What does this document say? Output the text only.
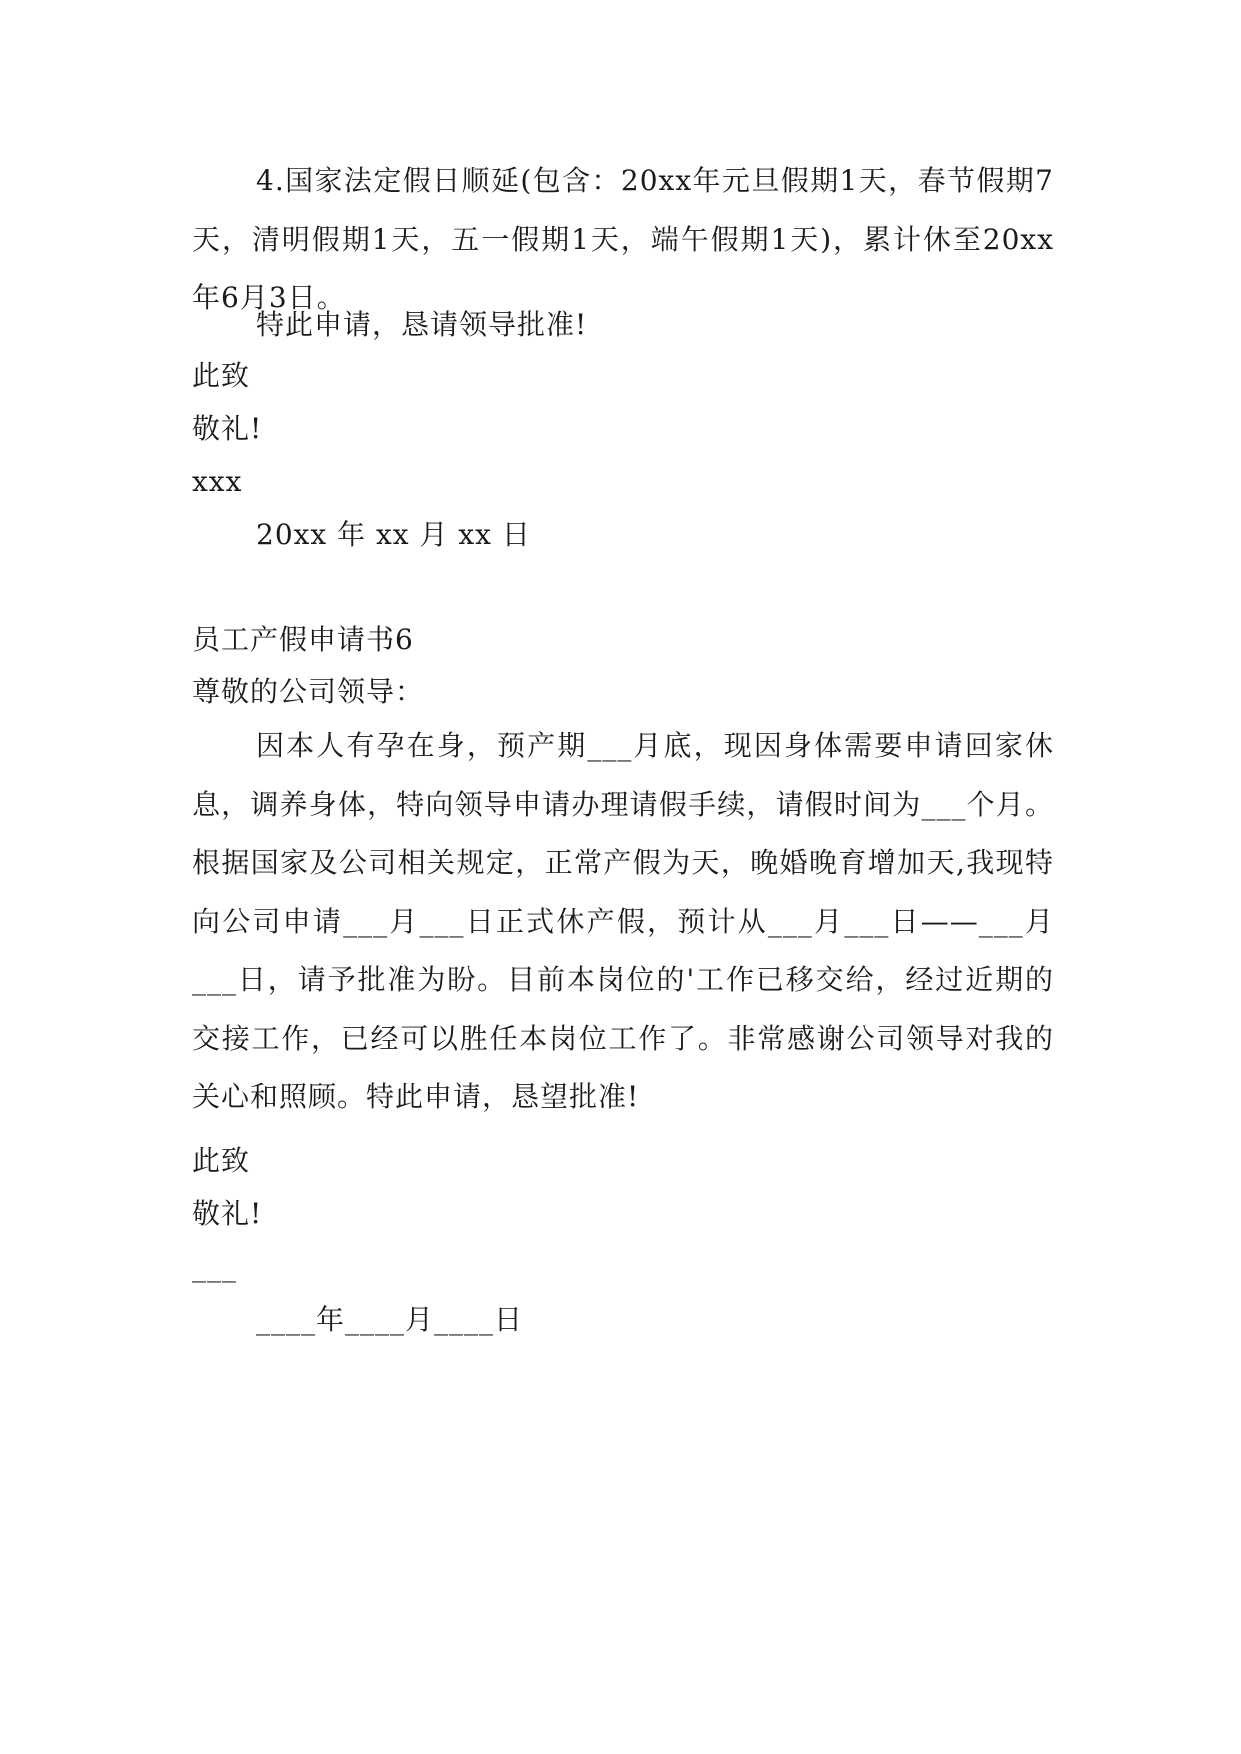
4.国家法定假日顺延(包含：20xx年元旦假期1天，春节假期7天，清明假期1天，五一假期1天，端午假期1天)，累计休至20xx年6月3日。
特此申请，恳请领导批准!
此致
敬礼!
xxx
20xx 年 xx 月 xx 日
员工产假申请书6
尊敬的公司领导：
因本人有孕在身，预产期___月底，现因身体需要申请回家休息，调养身体，特向领导申请办理请假手续，请假时间为___个月。根据国家及公司相关规定，正常产假为天，晚婚晚育增加天,我现特向公司申请___月___日正式休产假，预计从___月___日——___月___日，请予批准为盼。目前本岗位的'工作已移交给，经过近期的交接工作，已经可以胜任本岗位工作了。非常感谢公司领导对我的关心和照顾。特此申请，恳望批准!
此致
敬礼!
___
____年____月____日
